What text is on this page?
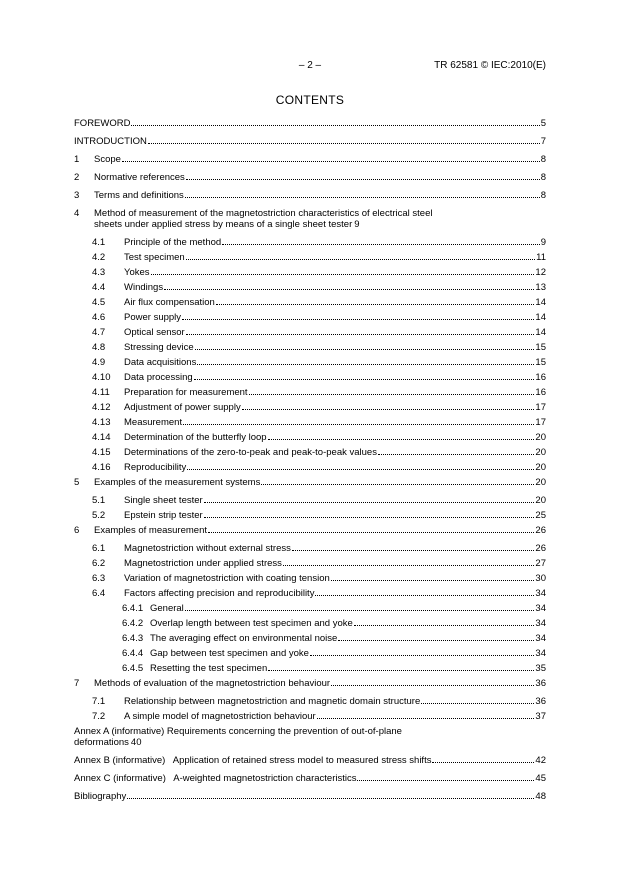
– 2 –	TR 62581 © IEC:2010(E)
CONTENTS
FOREWORD	5
INTRODUCTION	7
1	Scope	8
2	Normative references	8
3	Terms and definitions	8
4 Method of measurement of the magnetostriction characteristics of electrical steel
sheets under applied stress by means of a single sheet tester 9
4.1	Principle of the method	9
4.2	Test specimen	11
4.3	Yokes	12
4.4	Windings	13
4.5	Air flux compensation	14
4.6	Power supply	14
4.7	Optical sensor	14
4.8	Stressing device	15
4.9	Data acquisitions	15
4.10	Data processing	16
4.11	Preparation for measurement	16
4.12	Adjustment of power supply	17
4.13	Measurement	17
4.14	Determination of the butterfly loop	20
4.15	Determinations of the zero-to-peak and peak-to-peak values	20
4.16	Reproducibility	20
5	Examples of the measurement systems	20
5.1	Single sheet tester	20
5.2	Epstein strip tester	25
6	Examples of measurement	26
6.1	Magnetostriction without external stress	26
6.2	Magnetostriction under applied stress	27
6.3	Variation of magnetostriction with coating tension	30
6.4	Factors affecting precision and reproducibility	34
6.4.1 General	34
6.4.2 Overlap length between test specimen and yoke	34
6.4.3 The averaging effect on environmental noise	34
6.4.4 Gap between test specimen and yoke	34
6.4.5 Resetting the test specimen	35
7	Methods of evaluation of the magnetostriction behaviour	36
7.1	Relationship between magnetostriction and magnetic domain structure	36
7.2	A simple model of magnetostriction behaviour	37
Annex A (informative) Requirements concerning the prevention of out-of-plane
deformations 40
Annex B (informative)   Application of retained stress model to measured stress shifts	42
Annex C (informative)   A-weighted magnetostriction characteristics	45
Bibliography	48
